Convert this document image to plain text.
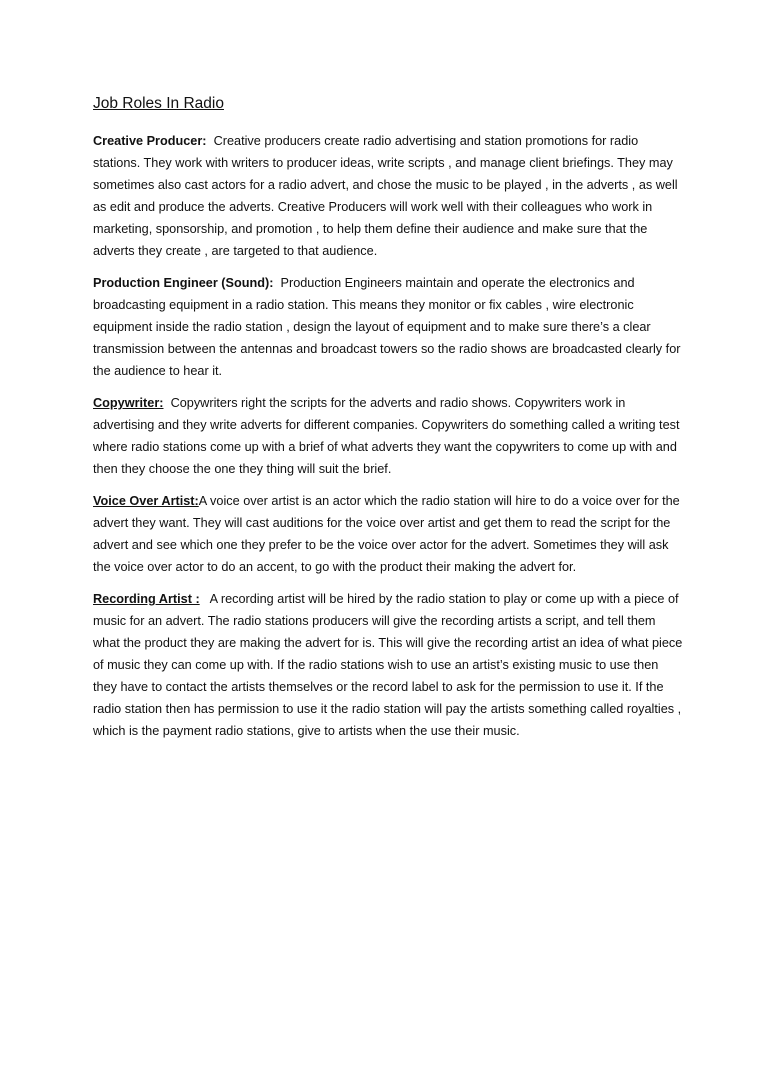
Job Roles In Radio

Creative Producer: Creative producers create radio advertising and station promotions for radio stations. They work with writers to producer ideas, write scripts , and manage client briefings. They may sometimes also cast actors for a radio advert, and chose the music to be played , in the adverts , as well as edit and produce the adverts. Creative Producers will work well with their colleagues who work in marketing, sponsorship, and promotion , to help them define their audience and make sure that the adverts they create , are targeted to that audience.

Production Engineer (Sound): Production Engineers maintain and operate the electronics and broadcasting equipment in a radio station. This means they monitor or fix cables , wire electronic equipment inside the radio station , design the layout of equipment and to make sure there’s a clear transmission between the antennas and broadcast towers so the radio shows are broadcasted clearly for the audience to hear it.

Copywriter: Copywriters right the scripts for the adverts and radio shows. Copywriters work in advertising and they write adverts for different companies. Copywriters do something called a writing test where radio stations come up with a brief of what adverts they want the copywriters to come up with and then they choose the one they thing will suit the brief.

Voice Over Artist:A voice over artist is an actor which the radio station will hire to do a voice over for the advert they want. They will cast auditions for the voice over artist and get them to read the script for the advert and see which one they prefer to be the voice over actor for the advert. Sometimes they will ask the voice over actor to do an accent, to go with the product their making the advert for.

Recording Artist : A recording artist will be hired by the radio station to play or come up with a piece of music for an advert. The radio stations producers will give the recording artists a script, and tell them what the product they are making the advert for is. This will give the recording artist an idea of what piece of music they can come up with. If the radio stations wish to use an artist’s existing music to use then they have to contact the artists themselves or the record label to ask for the permission to use it. If the radio station then has permission to use it the radio station will pay the artists something called royalties , which is the payment radio stations, give to artists when the use their music.
